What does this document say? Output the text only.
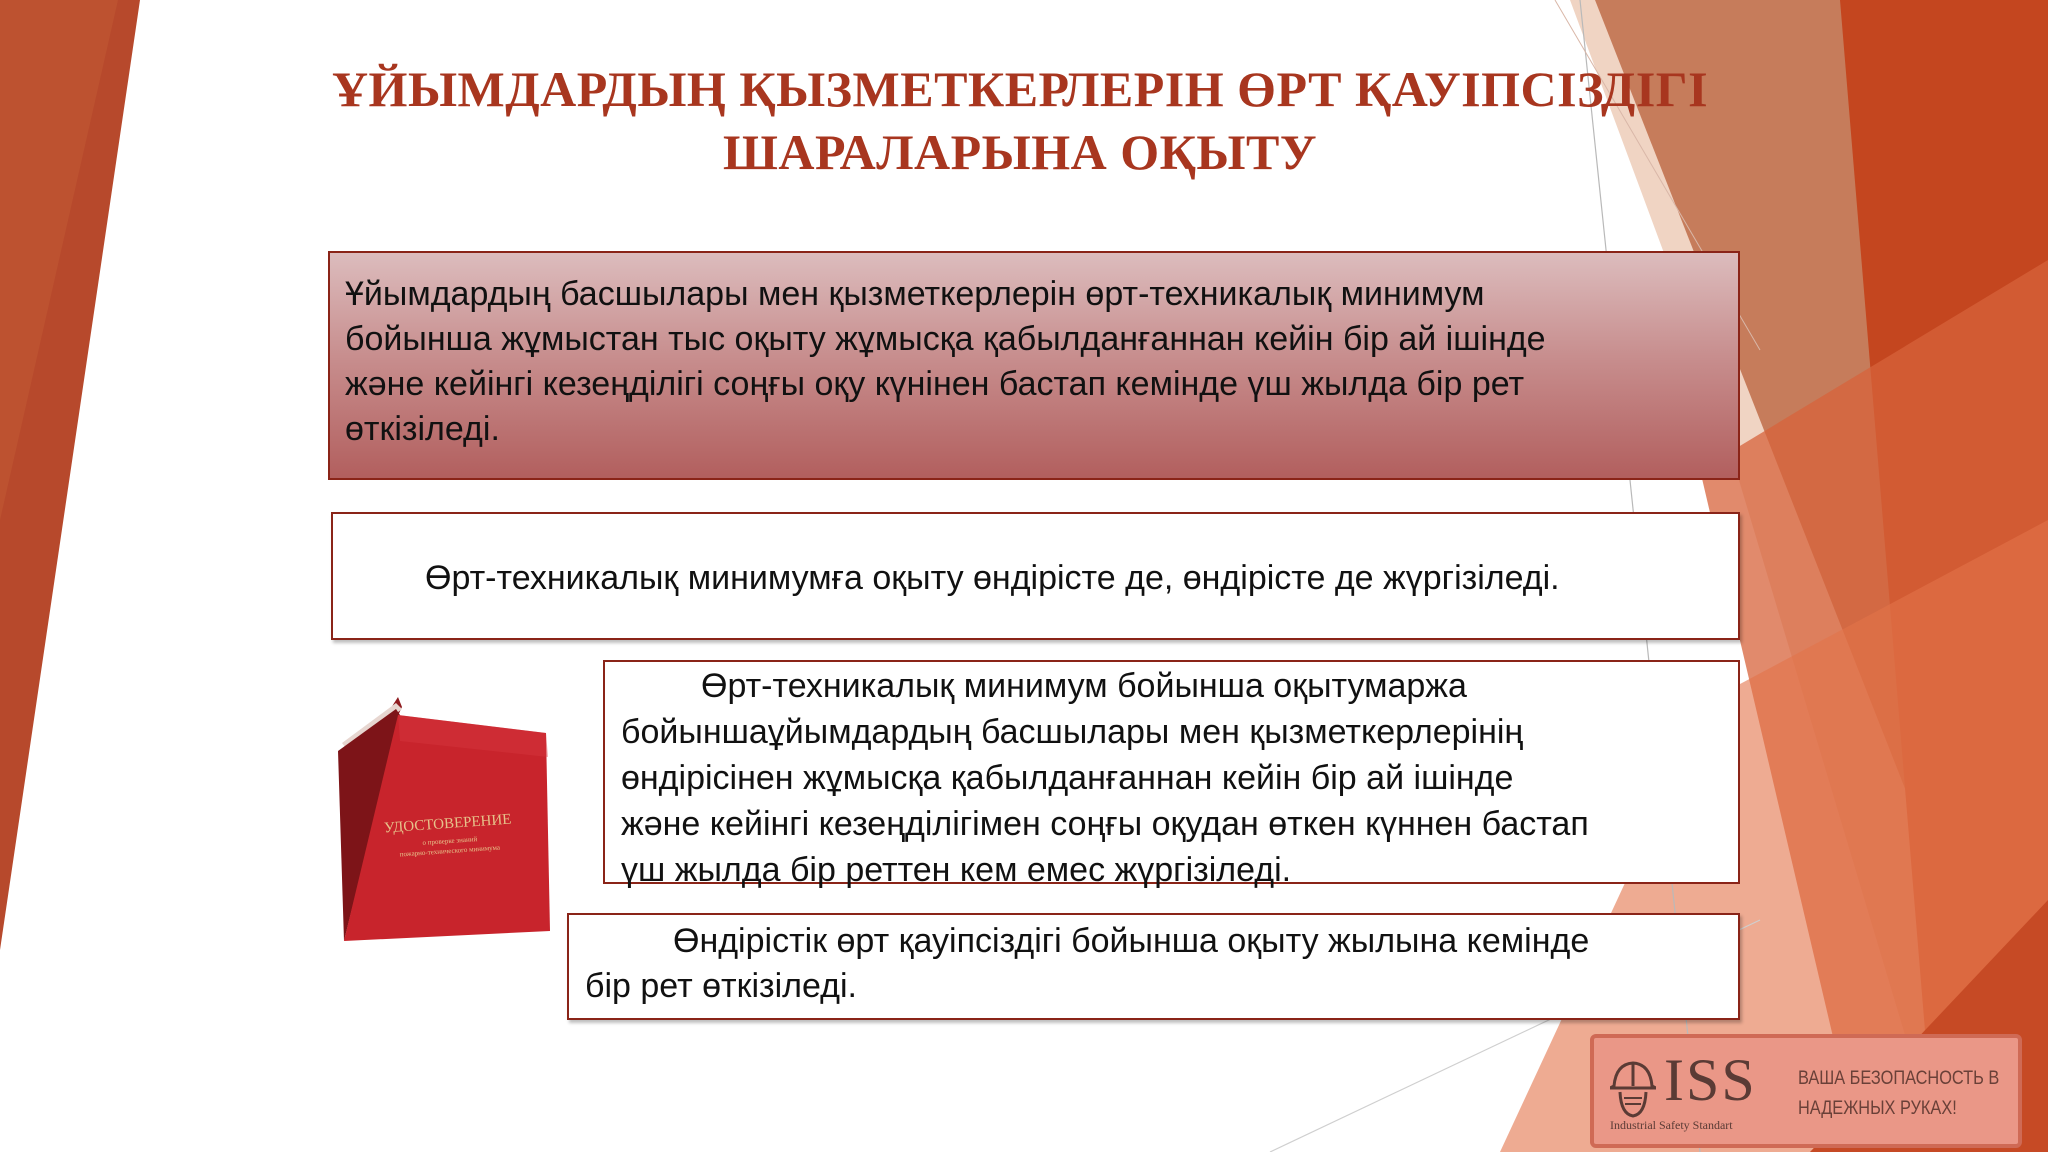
ҰЙЫМДАРДЫҢ ҚЫЗМЕТКЕРЛЕРІН ӨРТ ҚАУІПСІЗДІГІ
ШАРАЛАРЫНА ОҚЫТУ
Ұйымдардың басшылары мен қызметкерлерін өрт-техникалық минимум
бойынша жұмыстан тыс оқыту жұмысқа қабылданғаннан кейін бір ай ішінде
және кейінгі кезеңділігі соңғы оқу күнінен бастап кемінде үш жылда бір рет
өткізіледі.
Өрт-техникалық минимумға оқыту өндірісте де, өндірісте де жүргізіледі.
Өрт-техникалық минимум бойынша оқытумаржа
бойыншаұйымдардың басшылары мен қызметкерлерінің
өндірісінен жұмысқа қабылданғаннан кейін бір ай ішінде
және кейінгі кезеңділігімен соңғы оқудан өткен күннен бастап
үш жылда бір реттен кем емес жүргізіледі.
Өндірістік өрт қауіпсіздігі бойынша оқыту жылына кемінде
бір рет өткізіледі.
УДОСТОВЕРЕНИЕ
о проверке знаний
пожарно-технического минимума
ISS
Industrial Safety Standart
ВАША БЕЗОПАСНОСТЬ В
НАДЕЖНЫХ РУКАХ!
